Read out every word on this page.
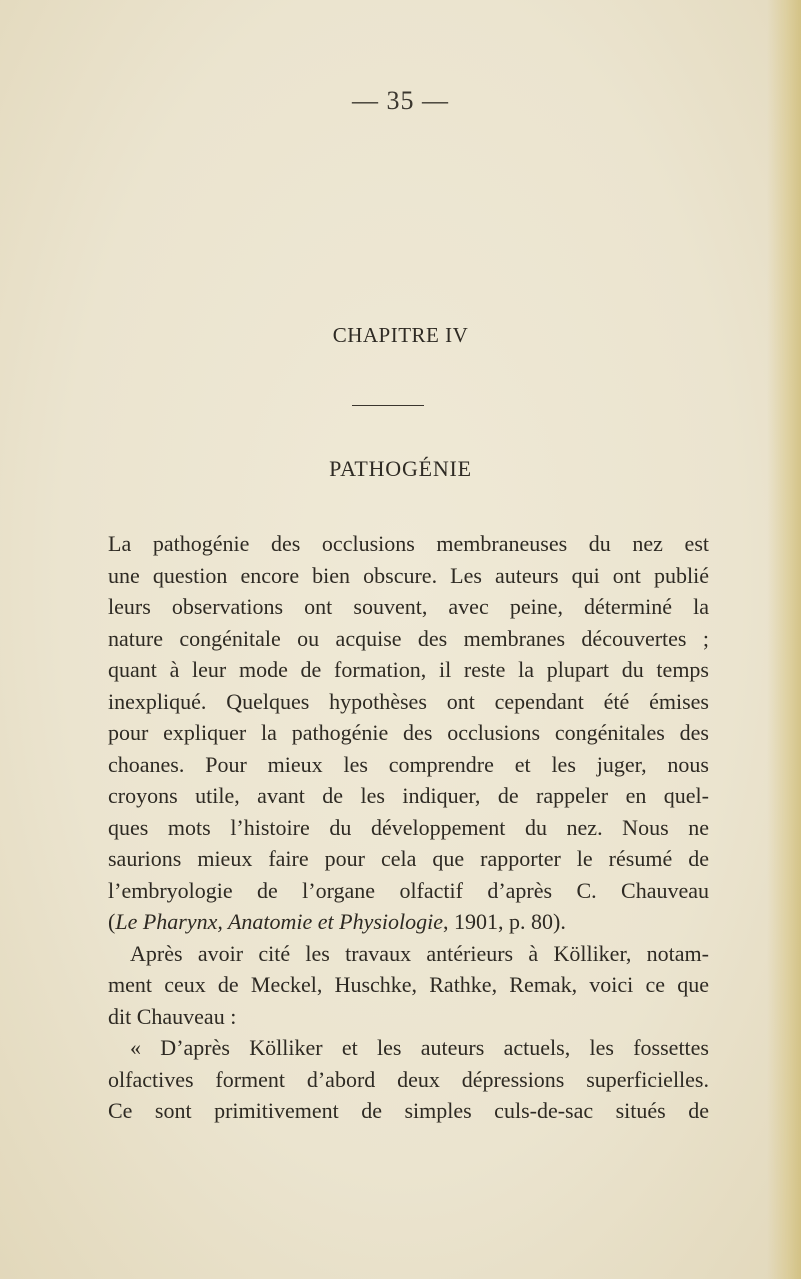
— 35 —
CHAPITRE IV
PATHOGÉNIE
La pathogénie des occlusions membraneuses du nez est
une question encore bien obscure. Les auteurs qui ont publié
leurs observations ont souvent, avec peine, déterminé la
nature congénitale ou acquise des membranes découvertes ;
quant à leur mode de formation, il reste la plupart du temps
inexpliqué. Quelques hypothèses ont cependant été émises
pour expliquer la pathogénie des occlusions congénitales des
choanes. Pour mieux les comprendre et les juger, nous
croyons utile, avant de les indiquer, de rappeler en quel-
ques mots l’histoire du développement du nez. Nous ne
saurions mieux faire pour cela que rapporter le résumé de
l’embryologie de l’organe olfactif d’après C. Chauveau
(Le Pharynx, Anatomie et Physiologie, 1901, p. 80).
Après avoir cité les travaux antérieurs à Kölliker, notam-
ment ceux de Meckel, Huschke, Rathke, Remak, voici ce que
dit Chauveau :
« D’après Kölliker et les auteurs actuels, les fossettes
olfactives forment d’abord deux dépressions superficielles.
Ce sont primitivement de simples culs-de-sac situés de
